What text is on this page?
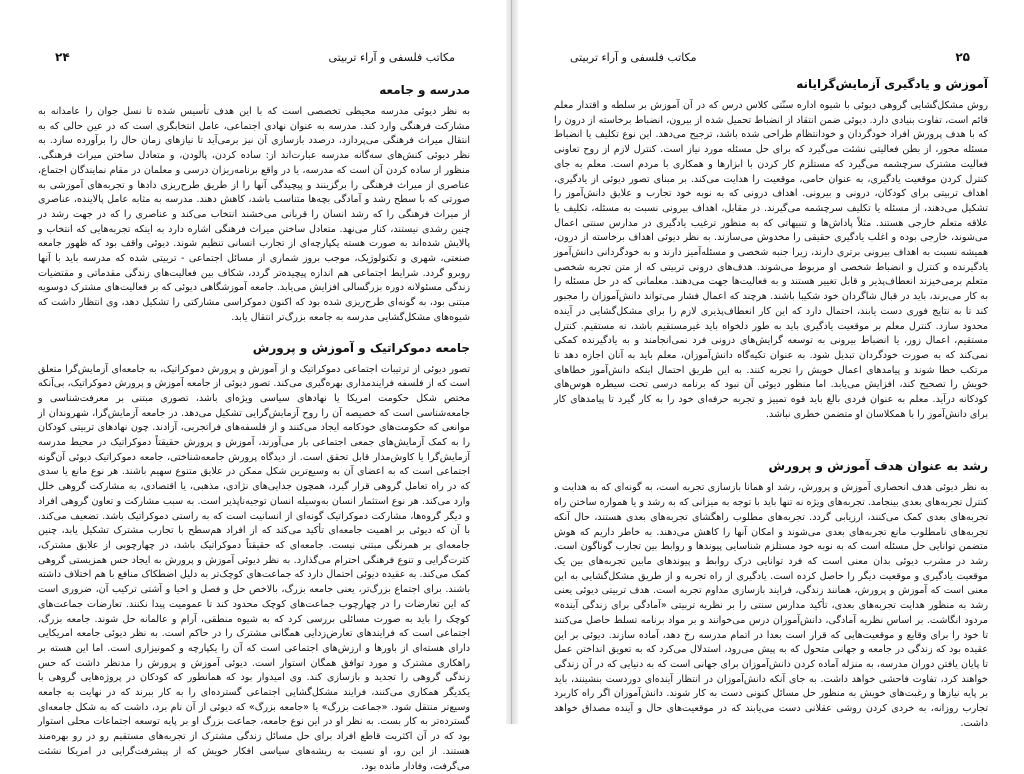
۲۴	مکاتب فلسفی و آراء تربیتی
مدرسه و جامعه

به نظر دیوئی مدرسه محیطی تخصصی است که با این هدف تأسیس شده تا نسل جوان را عامدانه به مشارکت فرهنگی وارد کند. مدرسه به عنوان نهادی اجتماعی، عامل انتخابگری است که در عین حالی که به انتقال میراث فرهنگی می‌پردازد، درصدد بازسازی آن نیز برمی‌آید تا نیازهای زمان حال را برآورده سازد. به نظر دیوئی کنش‌های سه‌گانه مدرسه عبارت‌اند از: ساده کردن، پالودن، و متعادل ساختن میراث فرهنگی. منظور از ساده کردن آن است که مدرسه، یا در واقع برنامه‌ریزان درسی و معلمان در مقام نمایندگان اجتماع، عناصری از میراث فرهنگی را برگزینند و پیچیدگی آنها را از طریق طرح‌ریزی دادها و تجربه‌های آموزشی به صورتی که با سطح رشد و آمادگی بچه‌ها متناسب باشد، کاهش دهند. مدرسه به مثابه عامل پالاینده، عناصری از میراث فرهنگی را که رشد انسان را قربانی می‌خشند انتخاب می‌کند و عناصری را که در جهت رشد در چنین رشدی نیستند، کنار می‌نهد. متعادل ساختن میراث فرهنگی اشاره دارد به اینکه تجربه‌هایی که انتخاب و پالایش شده‌اند به صورت هسته یکپارچه‌ای از تجارب انسانی تنظیم شوند. دیوئی واقف بود که ظهور جامعه صنعتی، شهری و تکنولوژیک، موجب بروز شماری از مسائل اجتماعی - تربیتی شده که مدرسه باید با آنها روبرو گردد. شرایط اجتماعی هم اندازه پیچیده‌تر گردد، شکاف بین فعالیت‌های زندگی مقدماتی و مقتضیات زندگی مسئولانه دوره بزرگسالی افزایش می‌یابد. جامعه آموزشگاهی دیوئی که بر فعالیت‌های مشترک دوسویه مبتنی بود، به گونه‌ای طرح‌ریزی شده بود که اکنون دموکراسی مشارکتی را تشکیل دهد، وی انتظار داشت که شیوه‌های مشکل‌گشایی مدرسه به جامعه بزرگ‌تر انتقال یابد.

جامعه دموکراتیک و آموزش و پرورش

تصور دیوئی از ترتیبات اجتماعی دموکراتیک و از آموزش و پرورش دموکراتیک، به جامعه‌ای آزمایش‌گرا متعلق است که از فلسفه فرایندمداری بهره‌گیری می‌کند. تصور دیوئی از جامعه آموزش و پرورش دموکراتیک، بی‌آنکه مختص شکل حکومت امریکا یا نهادهای سیاسی ویژه‌ای باشد، تصوری مبتنی بر معرفت‌شناسی و جامعه‌شناسی است که خصیصه آن را روح آزمایش‌گرایی تشکیل می‌دهد. در جامعه آزمایش‌گرا، شهروندان از موانعی که حکومت‌های خودکامه ایجاد می‌کنند و از فلسفه‌های فراتجربی، آزادند. چون نهادهای تربیتی کودکان را به کمک آزمایش‌های جمعی اجتماعی بار می‌آورند، آموزش و پرورش حقیقتاً دموکراتیک در محیط مدرسه آزمایش‌گرا یا کاوش‌مدار قابل تحقق است. از دیدگاه پرورش جامعه‌شناختی، جامعه دموکراتیک دیوئی آن‌گونه اجتماعی است که به اعضای آن به وسیع‌ترین شکل ممکن در علایق متنوع سهیم باشند. هر نوع مانع یا سدی که در راه تعامل گروهی قرار گیرد، همچون جدایی‌های نژادی، مذهبی، یا اقتصادی، به مشارکت گروهی خلل وارد می‌کند. هر نوع استثمار انسان به‌وسیله انسان توجیه‌ناپذیر است. به سبب مشارکت و تعاون گروهی افراد و دیگر گروه‌ها، مشارکت دموکراتیک گونه‌ای از انسانیت است که به راستی دموکراتیک باشد. تضعیف می‌کند. با آن که دیوئی بر اهمیت جامعه‌ای تأکید می‌کند که از افراد هم‌سطح با تجارب مشترک تشکیل یابد، چنین جامعه‌ای بر همرنگی مبتنی نیست. جامعه‌ای که حقیقتاً دموکراتیک باشد، در چهارچوبی از علایق مشترک، کثرت‌گرایی و تنوع فرهنگی احترام می‌گذارد. به نظر دیوئی آموزش و پرورش به ایجاد حس همزیستی گروهی کمک می‌کند. به عقیده دیوئی احتمال دارد که جماعت‌های کوچک‌تر به دلیل اضطکاک منافع با هم اختلاف داشته باشند. برای اجتماع بزرگ‌تر، یعنی جامعه بزرگ، بالاخص حل و فصل و احیا و آشتی ترکیب آن، ضروری است که این تعارضات را در چهارچوب جماعت‌های کوچک محدود کند تا عمومیت پیدا نکنند. تعارضات جماعت‌های کوچک را باید به صورت مسائلی بررسی کرد که به شیوه منطقی، آرام و عالمانه حل شوند. جامعه بزرگ، اجتماعی است که فرایندهای تعارض‌زدایی همگانی مشترک را در حاکم است. به نظر دیوئی جامعه امریکایی دارای هسته‌ای از باورها و ارزش‌های اجتماعی است که آن را یکپارچه و کمونیزاری است. اما این هسته بر راهکاری مشترک و مورد توافق همگان استوار است. دیوئی آموزش و پرورش را مدنظر داشت که حس زندگی گروهی را تجدید و بازسازی کند. وی امیدوار بود که همانطور که کودکان در پروژه‌هایی گروهی با یکدیگر همکاری می‌کنند، فرایند مشکل‌گشایی اجتماعی گسترده‌ای را به کار ببرند که در نهایت به جامعه وسیع‌تر منتقل شود. «جماعت بزرگ» یا «جامعه بزرگ» که دیوئی از آن نام برد، داشت که به شکل جامعه‌ای گسترده‌تر به کار بست. به نظر او در این نوع جامعه، جماعت بزرگ او بر پایه توسعه اجتماعات محلی استوار بود که در آن اکثریت قاطع افراد برای حل مسائل زندگی مشترک از تجربه‌های مستقیم رو در رو بهره‌مند هستند. از این رو، او نسبت به ریشه‌های سیاسی افکار خویش که از پیشرفت‌گرایی در امریکا نشئت می‌گرفت، وفادار مانده بود.

۲۵
مکاتب فلسفی و آراء تربیتی
آموزش و یادگیری آزمایش‌گرایانه

روش مشکل‌گشایی گروهی دیوئی با شیوه اداره سنّتی کلاس درس که در آن آموزش بر سلطه و اقتدار معلم قائم است، تفاوت بنیادی دارد. دیوئی ضمن انتقاد از انضباط تحمیل شده از بیرون، انضباط برخاسته از درون را که با هدف پرورش افراد خودگردان و خودانتظام طراحی شده باشد، ترجیح می‌دهد. این نوع تکلیف یا انضباط مسئله محور، از بطن فعالیتی نشئت می‌گیرد که برای حل مسئله مورد نیاز است. کنترل لازم از روح تعاونی فعالیت مشترک سرچشمه می‌گیرد که مستلزم کار کردن با ابزارها و همکاری با مردم است. معلم به جای کنترل کردن موقعیت یادگیری، به عنوان حامی، موقعیت را هدایت می‌کند. بر مبنای تصور دیوئی از یادگیری، اهداف تربیتی برای کودکان، درونی و بیرونی. اهداف درونی که به نوبه خود تجارب و علایق دانش‌آموز را تشکیل می‌دهند، از مسئله یا تکلیف سرچشمه می‌گیرند. در مقابل، اهداف بیرونی نسبت به مسئله، تکلیف یا علاقه متعلم خارجی هستند. مثلاً پاداش‌ها و تنبیهاتی که به منظور ترغیب یادگیری در مدارس سنتی اعمال می‌شوند، خارجی بوده و اغلب یادگیری حقیقی را مخدوش می‌سازند. به نظر دیوئی اهداف برخاسته از درون، همیشه نسبت به اهداف بیرونی برتری دارند، زیرا جنبه شخصی و مسئله‌آمیز دارند و به خودگردانی دانش‌آموز یادگیرنده و کنترل و انضباط شخصی او مربوط می‌شوند. هدف‌های درونی تربیتی که از متن تجربه شخصی متعلم برمی‌خیزند انعطاف‌پذیر و قابل تغییر هستند و به فعالیت‌ها جهت می‌دهند. معلمانی که در حل مسئله را به کار می‌برند، باید در قبال شاگردان خود شکیبا باشند. هرچند که اعمال فشار می‌تواند دانش‌آموزان را مجبور کند تا به نتایج فوری دست یابند، احتمال دارد که این کار انعطاف‌پذیری لازم را برای مشکل‌گشایی در آینده محدود سازد. کنترل معلم بر موقعیت یادگیری باید به طور دلخواه باید غیرمستقیم باشد، نه مستقیم. کنترل مستقیم، اعمال زور، یا انضباط بیرونی به توسعه گرایش‌های درونی فرد نمی‌انجامند و به یادگیرنده کمکی نمی‌کند که به صورت خودگردان تبدیل شود. به عنوان تکیه‌گاه دانش‌آموزان، معلم باید به آنان اجازه دهد تا مرتکب خطا شوند و پیامدهای اعمال خویش را تجربه کنند. به این طریق احتمال اینکه دانش‌آموز خطاهای خویش را تصحیح کند، افزایش می‌یابد. اما منظور دیوئی آن نبود که برنامه درسی تحت سیطره هوس‌های کودکانه درآید. معلم به عنوان فردی بالغ باید قوه تمییز و تجربه حرفه‌ای خود را به کار گیرد تا پیامدهای کار برای دانش‌آموز را با همکلاسان او متضمن خطری نباشد.

رشد به عنوان هدف آموزش و پرورش

به نظر دیوئی هدف انحصاری آموزش و پرورش، رشد او همانا بازسازی تجربه است، به گونه‌ای که به هدایت و کنترل تجربه‌های بعدی بینجامد. تجربه‌های ویژه نه تنها باید با توجه به میزانی که به رشد و یا همواره ساختن راه تجربه‌های بعدی کمک می‌کنند، ارزیابی گردد. تجربه‌های مطلوب راهگشای تجربه‌های بعدی هستند، حال آنکه تجربه‌های نامطلوب مانع تجربه‌های بعدی می‌شوند و امکان آنها را کاهش می‌دهند. به خاطر داریم که هوش متضمن توانایی حل مسئله است که به نوبه خود مستلزم شناسایی پیوندها و روابط بین تجارب گوناگون است. رشد در مشرب دیوئی بدان معنی است که فرد توانایی درک روابط و پیوندهای مابین تجربه‌های بین یک موقعیت یادگیری و موقعیت دیگر را حاصل کرده است. یادگیری از راه تجربه و از طریق مشکل‌گشایی به این معنی است که آموزش و پرورش، همانند زندگی، فرایند بازسازی مداوم تجربه است. هدف تربیتی دیوئی یعنی رشد به منظور هدایت تجربه‌های بعدی، تأکید مدارس سنتی را بر نظریه تربیتی «آمادگی برای زندگی آینده» مردود انگاشت. بر اساس نظریه آمادگی، دانش‌آموزان درس می‌خوانند و بر مواد برنامه تسلط حاصل می‌کنند تا خود را برای وقایع و موقعیت‌هایی که قرار است بعدا در اتمام مدرسه رخ دهد، آماده سازند. دیوئی بر این عقیده بود که زندگی در جامعه و جهانی متحول که به پیش می‌رود، استدلال می‌کرد که به تعویق انداختن عمل تا پایان یافتن دوران مدرسه، به منزله آماده کردن دانش‌آموزان برای جهانی است که به دنیایی که در آن زندگی خواهند کرد، تفاوت فاحشی خواهد داشت. به جای آنکه دانش‌آموزان در انتظار آینده‌ای دوردست بنشینند، باید بر پایه نیازها و رغبت‌های خویش به منظور حل مسائل کنونی دست به کار شوند. دانش‌آموزان اگر راه کاربرد تجارب روزانه، به خردی کردن روشی عقلانی دست می‌یابند که در موقعیت‌های حال و آینده مصداق خواهد داشت.
